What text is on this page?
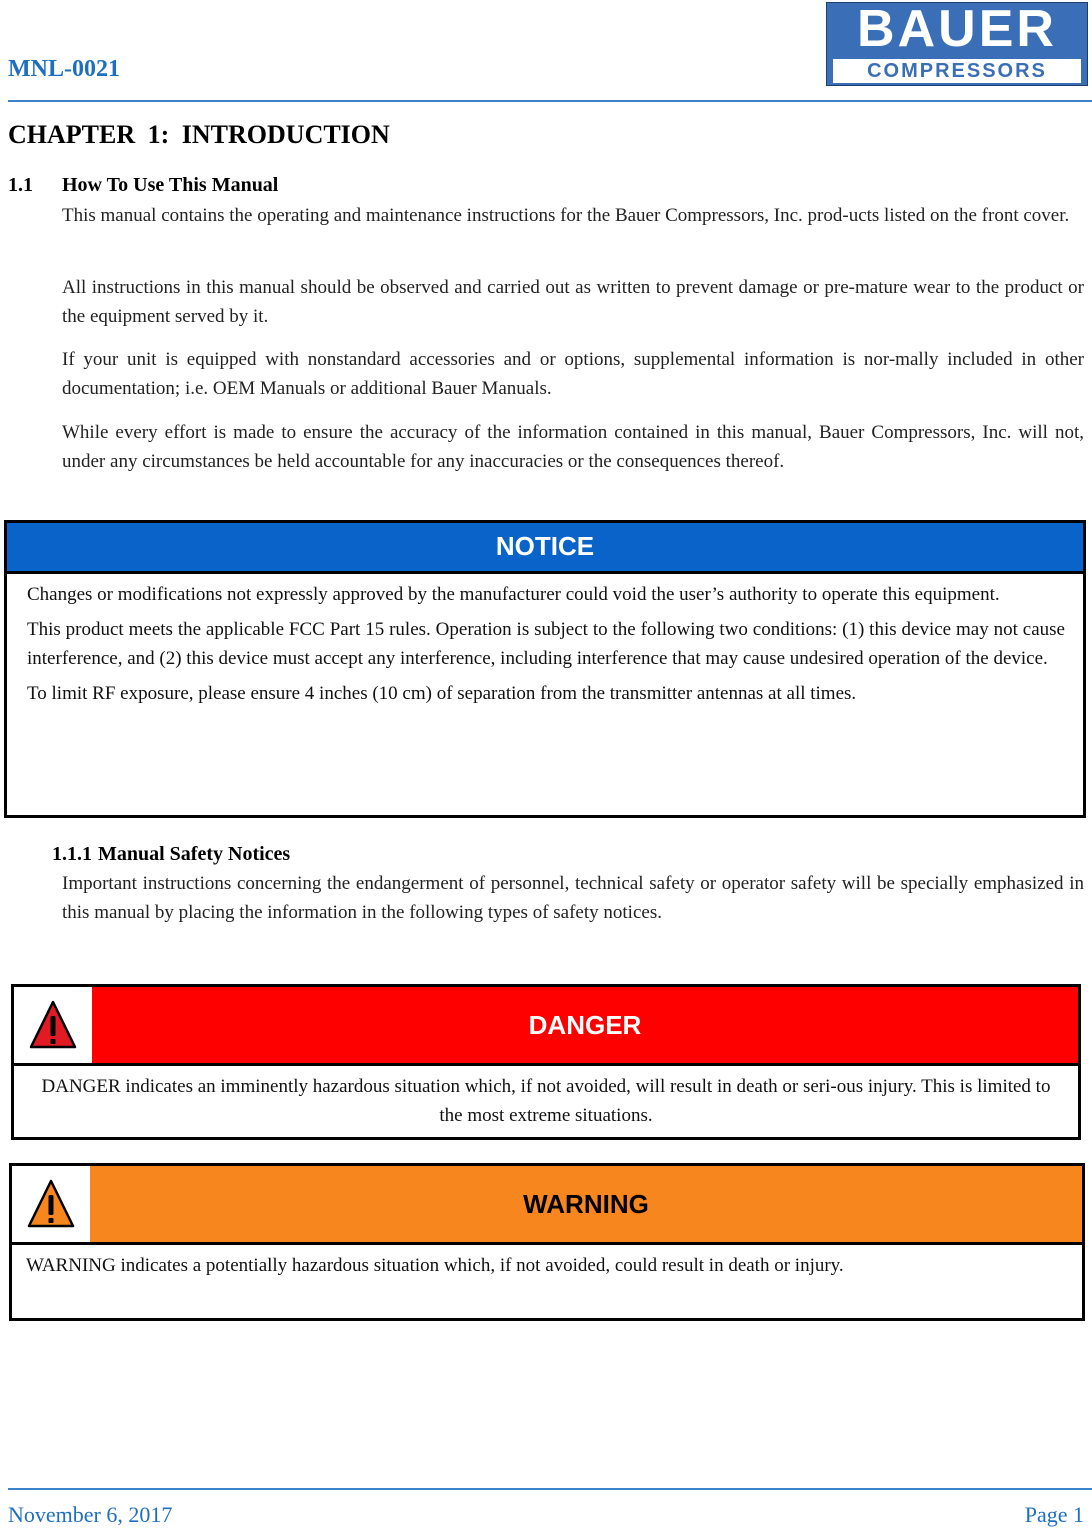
MNL-0021
BAUER
COMPRESSORS
CHAPTER 1: INTRODUCTION
1.1 How To Use This Manual
This manual contains the operating and maintenance instructions for the Bauer Compressors, Inc. prod-ucts listed on the front cover.
All instructions in this manual should be observed and carried out as written to prevent damage or pre-mature wear to the product or the equipment served by it.
If your unit is equipped with nonstandard accessories and or options, supplemental information is nor-mally included in other documentation; i.e. OEM Manuals or additional Bauer Manuals.
While every effort is made to ensure the accuracy of the information contained in this manual, Bauer Compressors, Inc. will not, under any circumstances be held accountable for any inaccuracies or the consequences thereof.
NOTICE
Changes or modifications not expressly approved by the manufacturer could void the user’s authority to operate this equipment.
This product meets the applicable FCC Part 15 rules. Operation is subject to the following two conditions: (1) this device may not cause interference, and (2) this device must accept any interference, including interference that may cause undesired operation of the device.
To limit RF exposure, please ensure 4 inches (10 cm) of separation from the transmitter antennas at all times.
1.1.1 Manual Safety Notices
Important instructions concerning the endangerment of personnel, technical safety or operator safety will be specially emphasized in this manual by placing the information in the following types of safety notices.
DANGER
DANGER indicates an imminently hazardous situation which, if not avoided, will result in death or seri-ous injury. This is limited to the most extreme situations.
WARNING
WARNING indicates a potentially hazardous situation which, if not avoided, could result in death or injury.
November 6, 2017	Page 1
